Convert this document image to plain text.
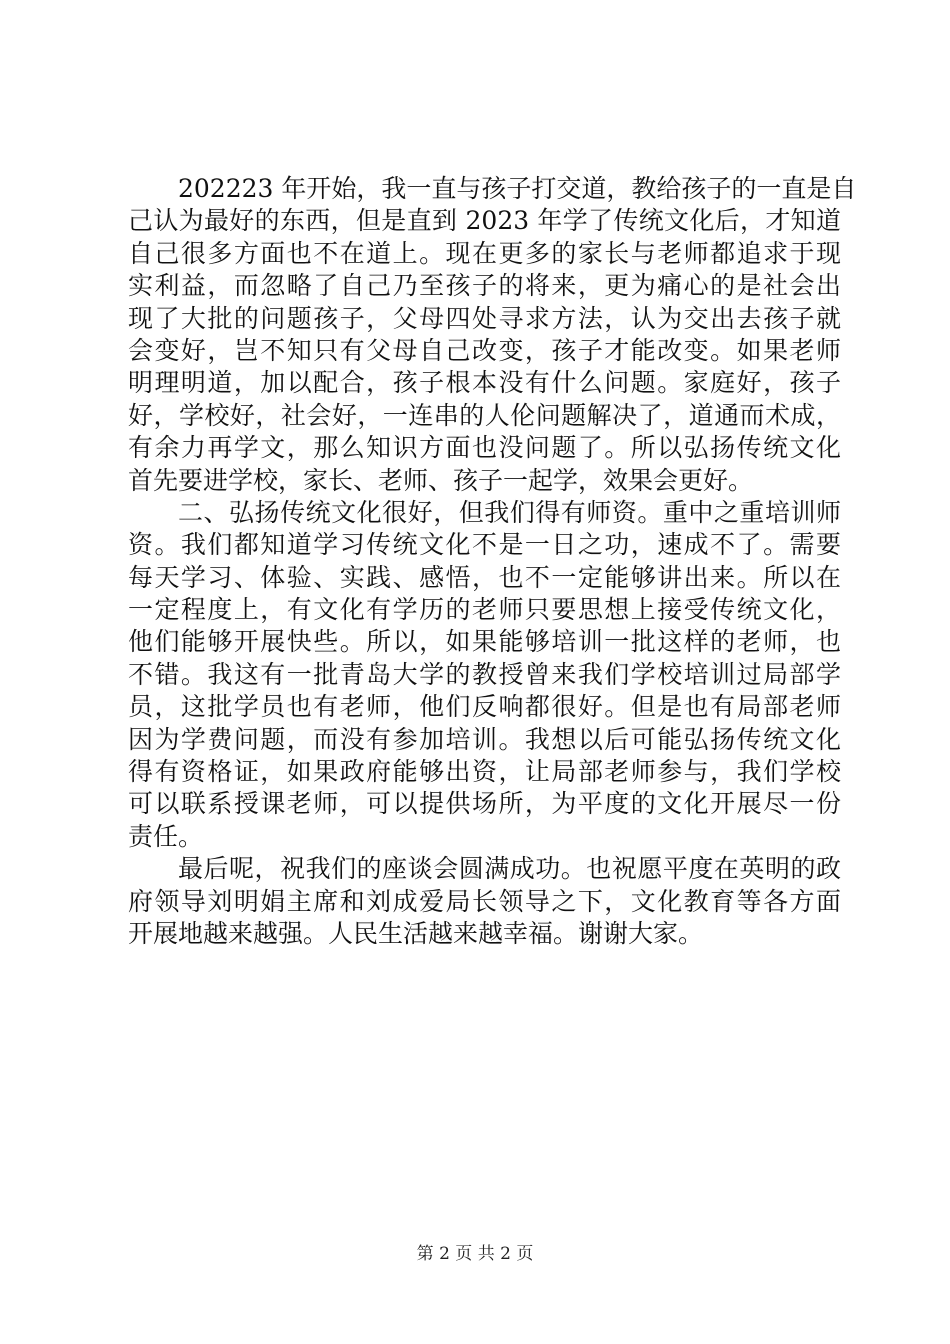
202223 年开始，我一直与孩子打交道，教给孩子的一直是自
己认为最好的东西，但是直到 2023 年学了传统文化后，才知道
自己很多方面也不在道上。现在更多的家长与老师都追求于现
实利益，而忽略了自己乃至孩子的将来，更为痛心的是社会出
现了大批的问题孩子，父母四处寻求方法，认为交出去孩子就
会变好，岂不知只有父母自己改变，孩子才能改变。如果老师
明理明道，加以配合，孩子根本没有什么问题。家庭好，孩子
好，学校好，社会好，一连串的人伦问题解决了，道通而术成，
有余力再学文，那么知识方面也没问题了。所以弘扬传统文化
首先要进学校，家长、老师、孩子一起学，效果会更好。
二、弘扬传统文化很好，但我们得有师资。重中之重培训师
资。我们都知道学习传统文化不是一日之功，速成不了。需要
每天学习、体验、实践、感悟，也不一定能够讲出来。所以在
一定程度上，有文化有学历的老师只要思想上接受传统文化，
他们能够开展快些。所以，如果能够培训一批这样的老师，也
不错。我这有一批青岛大学的教授曾来我们学校培训过局部学
员，这批学员也有老师，他们反响都很好。但是也有局部老师
因为学费问题，而没有参加培训。我想以后可能弘扬传统文化
得有资格证，如果政府能够出资，让局部老师参与，我们学校
可以联系授课老师，可以提供场所，为平度的文化开展尽一份
责任。
最后呢，祝我们的座谈会圆满成功。也祝愿平度在英明的政
府领导刘明娟主席和刘成爱局长领导之下，文化教育等各方面
开展地越来越强。人民生活越来越幸福。谢谢大家。
第 2 页 共 2 页
